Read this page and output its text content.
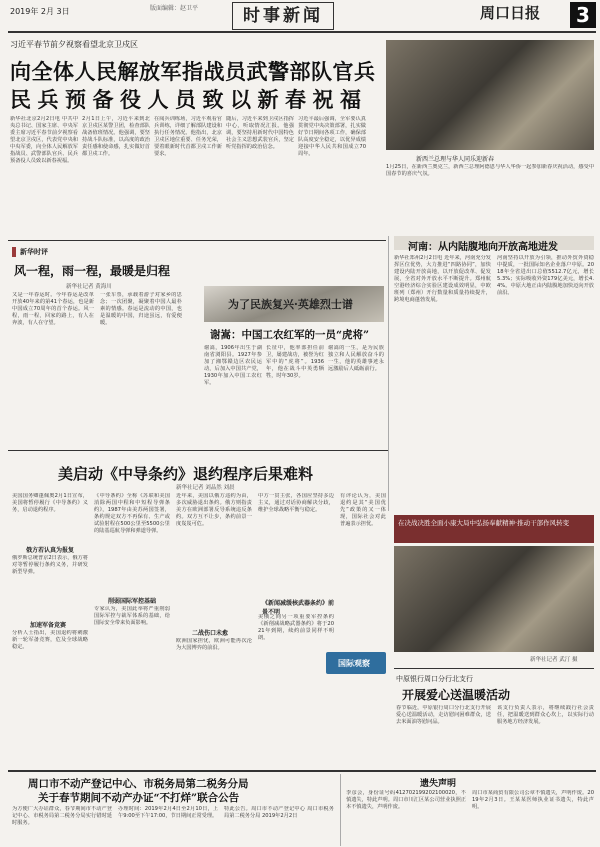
2019年 2月 3日	版面编辑：赵卫平	时事新闻	周口日报	3
习近平春节前夕视察看望北京卫戍区
向全体人民解放军指战员武警部队官兵
民兵预备役人员致以新春祝福
新华社北京2月2日电 中共中央总书记、国家主席、中央军委主席习近平春节前夕视察看望北京卫戍区，代表党中央和中央军委，向全体人民解放军指战员、武警部队官兵、民兵预备役人员致以新春祝福。
2月1日上午，习近平来到北京卫戍区某警卫团，检查部队战备值班情况。他强调，要坚持战斗队标准，以高度的政治责任感和使命感，扎实做好首都卫戍工作。
在阅兵训练场，习近平观看官兵训练，详细了解部队建设和执行任务情况。他指出，北京卫戍区地位重要、任务光荣，要着眼新时代首都卫戍工作新要求。
随后，习近平来到卫戍区指挥中心，听取情况汇报。他强调，要坚持用新时代中国特色社会主义思想武装官兵，坚定听党指挥的政治信念。
习近平最后强调，全军要认真贯彻党中央决策部署，扎实做好节日期间各项工作，确保部队高度安全稳定，以优异成绩迎接中华人民共和国成立70周年。
新西兰总理与华人同乐迎新春
1月25日，在新西兰奥克兰，新西兰总理阿德恩与华人华侨一起参加新春庆祝活动，感受中国春节的喜庆气氛。
新华时评
风一程，雨一程，最暖是归程
新华社记者 黄海川
又是一年春运时。今年春运是改革开放40年来的第41个春运，也是新中国成立70周年的首个春运。风一程，雨一程，回家的路上，有人在奔波，有人在守望。
一张车票，承载着游子对家乡的思念；一次团聚，凝聚着中国人最朴素的情感。春运是流动的中国，也是温暖的中国，归途虽远，有爱便暖。
为了民族复兴·英雄烈士谱
谢嵩：中国工农红军的一员“虎将”
谢嵩，1906年出生于湖南省浏阳县。1927年参加了湘鄂赣边区农民运动，后加入中国共产党，1930年加入中国工农红军。
长征中，他率部担任前卫，屡建战功，被誉为红军中的“虎将”。1936年，他在战斗中英勇牺牲，时年30岁。
谢嵩的一生，是为民族独立和人民解放奋斗的一生，他的英雄事迹永远激励后人砥砺前行。
河南：从内陆腹地向开放高地进发
新华社郑州2月2日电 近年来，河南充分发挥区位优势，大力推进“四路协同”，加快建设内陆开放高地，以开放促改革、促发展，全省对外开放水平不断提升。郑州航空港经济综合实验区建设成效明显，中欧班列（郑州）开行数量和质量持续提升，跨境电商蓬勃发展。
河南坚持以开放为引领，推动外贸外资稳中提质，一批国际知名企业落户中原。2018年全省进出口总值5512.7亿元，增长5.3%；实际吸收外资179亿美元，增长4.4%。中原大地正由内陆腹地加快迈向开放前沿。
美启动《中导条约》退约程序后果难料
新华社记者 刘品然 刘晨
美国国务卿蓬佩奥2月1日宣布，美国将暂停履行《中导条约》义务，启动退约程序。
俄方若认真为报复
俄罗斯总统普京2日表示，俄方将对等暂停履行条约义务，并研发新型导弹。
加速军备竞赛
分析人士指出，美国退约将刺激新一轮军备竞赛，危及全球战略稳定。
《中导条约》全称《苏联和美国消除两国中程和中短程导弹条约》，1987年由美苏两国签署，条约规定双方不再保有、生产或试验射程在500公里至5500公里的陆基巡航导弹和弹道导弹。
削弱国际军控基础
专家认为，美国此举将严重削弱国际军控与裁军体系的基础，给国际安全带来负面影响。
近年来，美国以俄方违约为由，多次威胁退出条约。俄方则指责美方在欧洲部署反导系统违反条约。双方互不让步，条约前景一度岌岌可危。
二战伤口未愈
欧洲国家担忧，欧洲可能再次沦为大国博弈的前沿。
中方一贯主张，各国应坚持多边主义，通过对话协商解决分歧，维护全球战略平衡与稳定。
《新闻减缓核武器条约》前景不明
美俄之间另一项重要军控条约《新削减战略武器条约》将于2021年到期，续约前景同样不明朗。
有评论认为，美国退约是其“美国优先”政策的又一体现，国际社会对此普遍表示担忧。
国际观察
在决战决胜全面小康大局中弘扬奉献精神·推动干部作风转变
新华社记者 武汀 摄
中原银行周口分行北支行
开展爱心送温暖活动
春节临近，中原银行周口分行北支行开展爱心送温暖活动，走访慰问困难群众，送去米面油等慰问品。
该支行负责人表示，将继续践行社会责任，把温暖送到群众心坎上，以实际行动服务地方经济发展。
周口市不动产登记中心、市税务局第二税务分局
关于春节期间不动产办证“不打烊”联合公告
为方便广大办证群众，春节期间市不动产登记中心、市税务局第二税务分局实行错时延时服务。
办理时间：2019年2月4日至2月10日，上午9:00至下午17:00，节日期间正常受理。
特此公告。周口市不动产登记中心 周口市税务局第二税务分局 2019年2月2日
遗失声明
李彦会，身份证号码412702199202100020，不慎遗失，特此声明。周口市川汇区某公司营业执照正本不慎遗失，声明作废。
周口市某商贸有限公司公章不慎遗失，声明作废。2019年2月3日。王某某医师执业证书遗失，特此声明。
